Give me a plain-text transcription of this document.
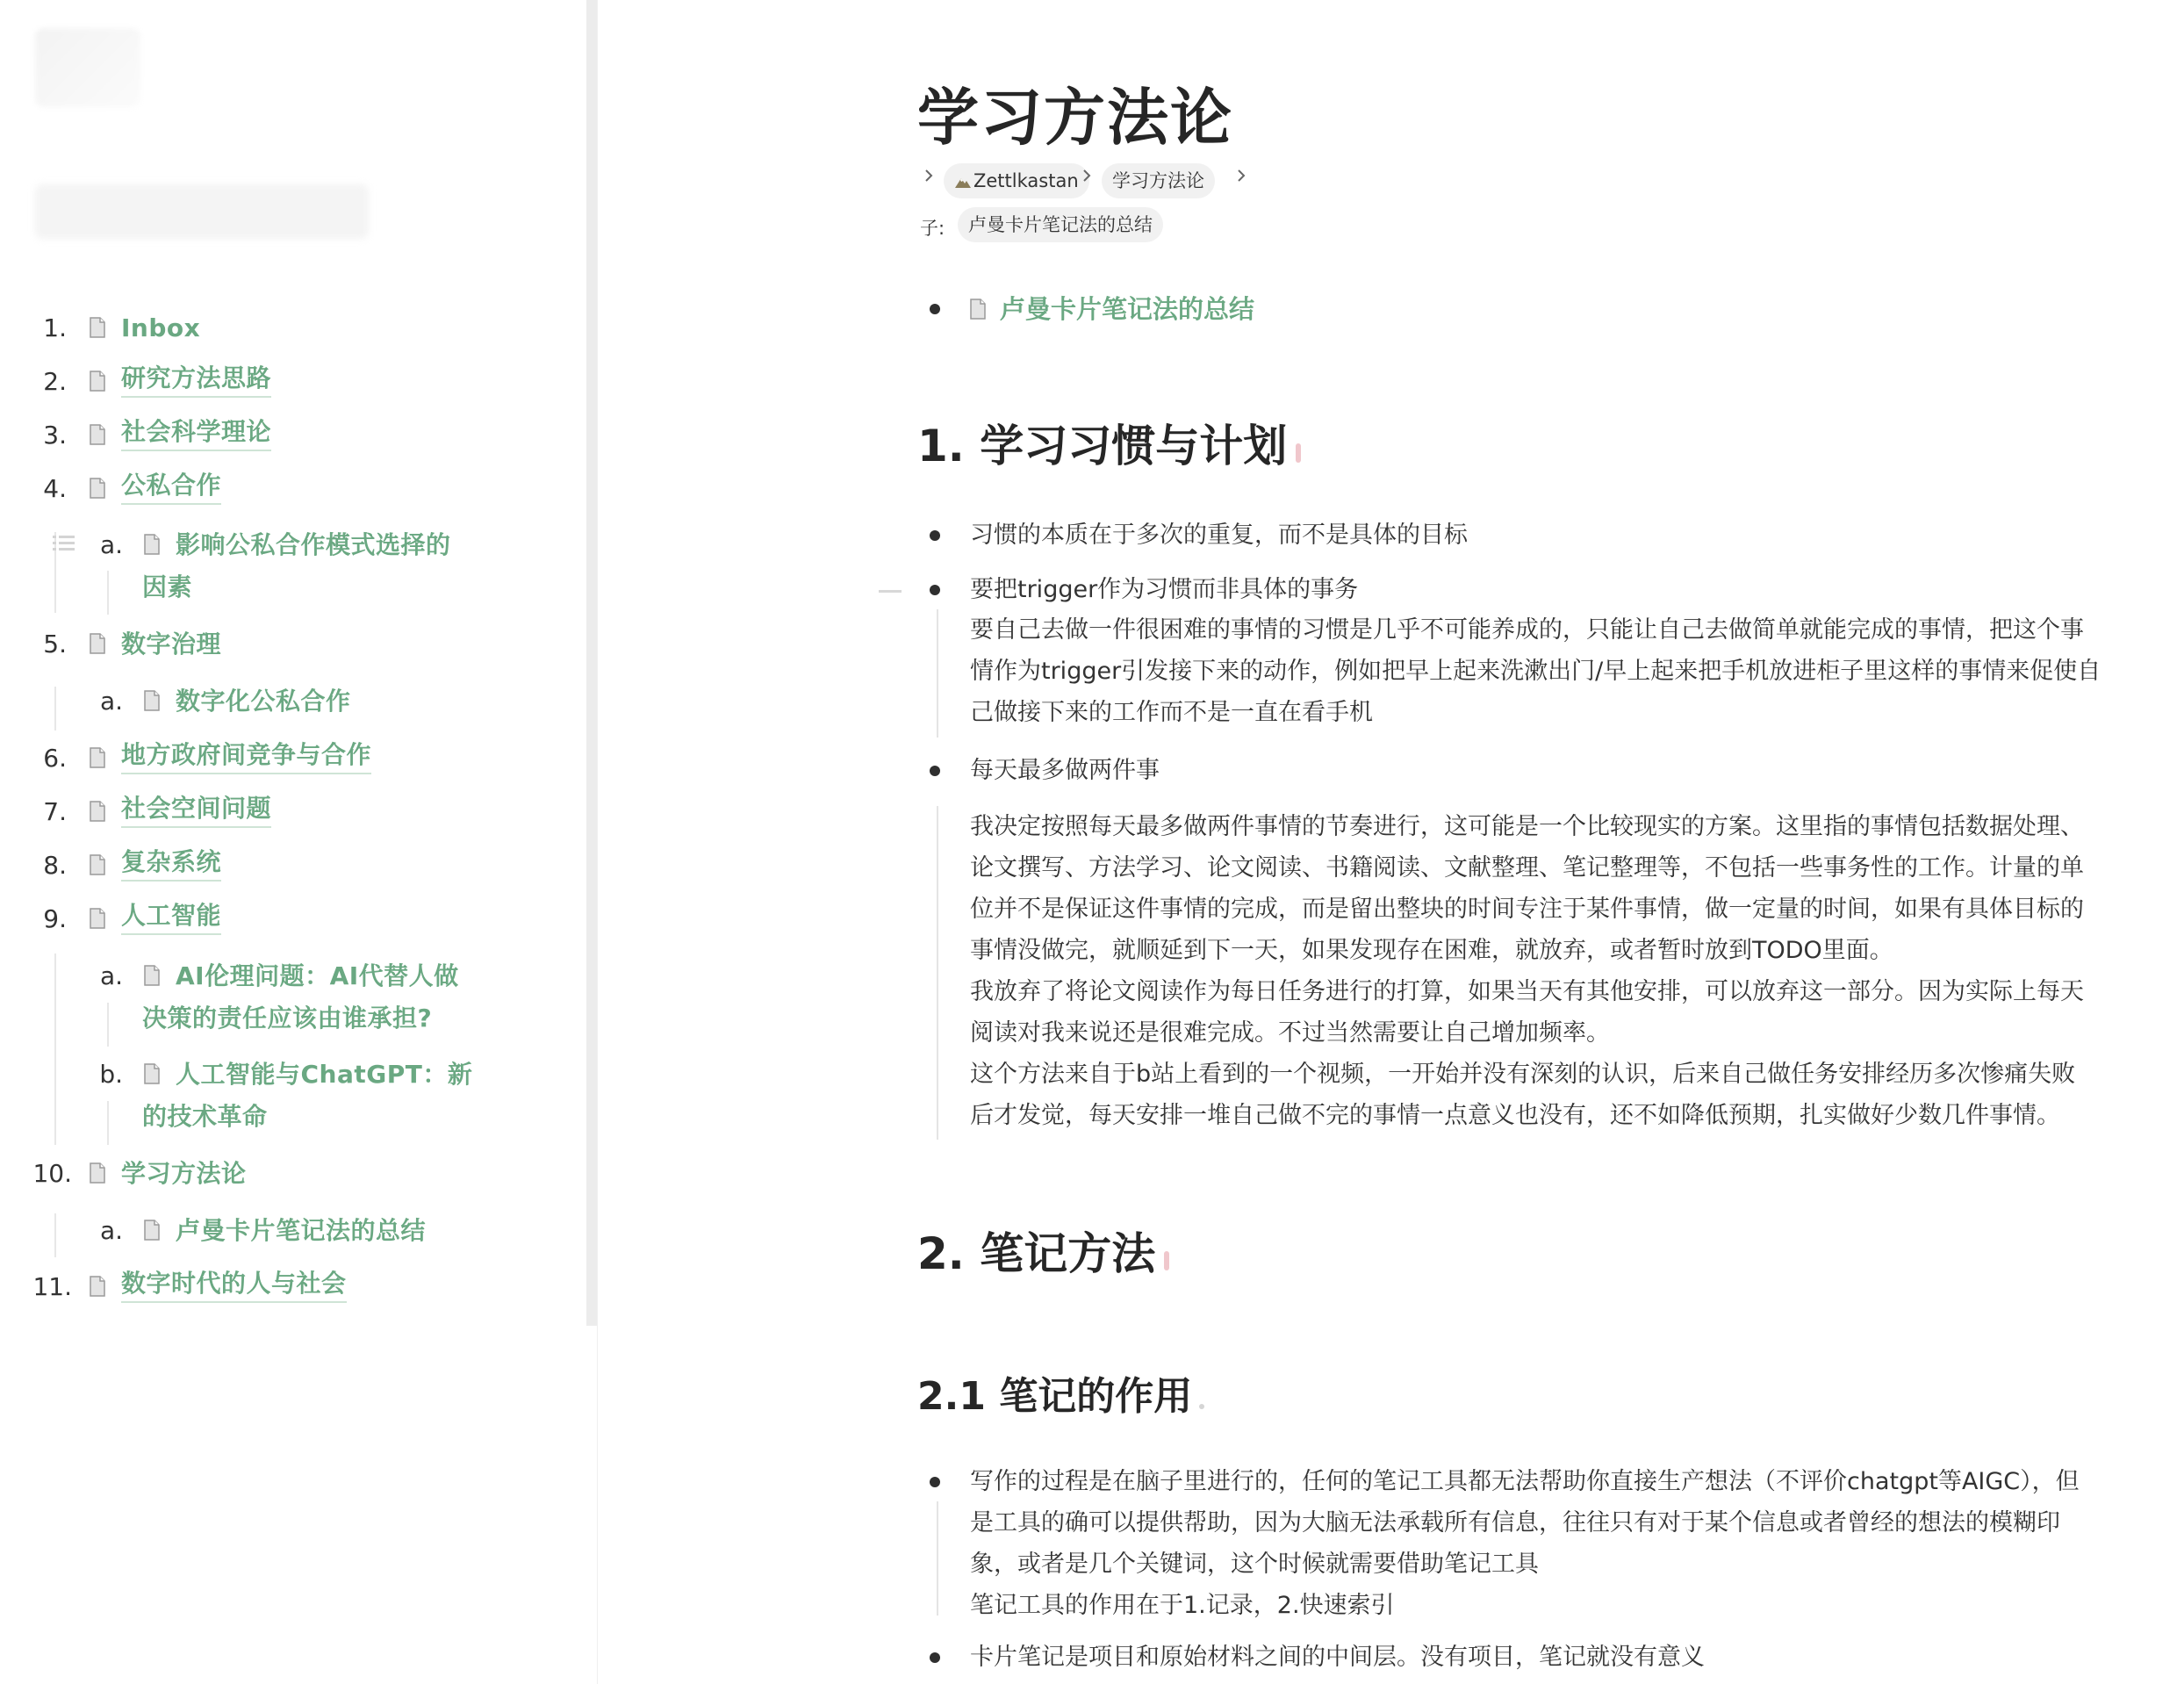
1. Inbox
2. 研究方法思路
3. 社会科学理论
4. 公私合作
a. 影响公私合作模式选择的
因素
5. 数字治理
a. 数字化公私合作
6. 地方政府间竞争与合作
7. 社会空间问题
8. 复杂系统
9. 人工智能
a. AI伦理问题：AI代替人做
决策的责任应该由谁承担?
b. 人工智能与ChatGPT：新
的技术革命
10. 学习方法论
a. 卢曼卡片笔记法的总结
11. 数字时代的人与社会
学习方法论
Zettlkastan	学习方法论
子:	卢曼卡片笔记法的总结
卢曼卡片笔记法的总结
1. 学习习惯与计划
习惯的本质在于多次的重复，而不是具体的目标
要把trigger作为习惯而非具体的事务
要自己去做一件很困难的事情的习惯是几乎不可能养成的，只能让自己去做简单就能完成的事情，把这个事
情作为trigger引发接下来的动作，例如把早上起来洗漱出门/早上起来把手机放进柜子里这样的事情来促使自
己做接下来的工作而不是一直在看手机
每天最多做两件事
我决定按照每天最多做两件事情的节奏进行，这可能是一个比较现实的方案。这里指的事情包括数据处理、
论文撰写、方法学习、论文阅读、书籍阅读、文献整理、笔记整理等，不包括一些事务性的工作。计量的单
位并不是保证这件事情的完成，而是留出整块的时间专注于某件事情，做一定量的时间，如果有具体目标的
事情没做完，就顺延到下一天，如果发现存在困难，就放弃，或者暂时放到TODO里面。
我放弃了将论文阅读作为每日任务进行的打算，如果当天有其他安排，可以放弃这一部分。因为实际上每天
阅读对我来说还是很难完成。不过当然需要让自己增加频率。
这个方法来自于b站上看到的一个视频，一开始并没有深刻的认识，后来自己做任务安排经历多次惨痛失败
后才发觉，每天安排一堆自己做不完的事情一点意义也没有，还不如降低预期，扎实做好少数几件事情。
2. 笔记方法
2.1 笔记的作用
写作的过程是在脑子里进行的，任何的笔记工具都无法帮助你直接生产想法（不评价chatgpt等AIGC），但
是工具的确可以提供帮助，因为大脑无法承载所有信息，往往只有对于某个信息或者曾经的想法的模糊印
象，或者是几个关键词，这个时候就需要借助笔记工具
笔记工具的作用在于1.记录，2.快速索引
卡片笔记是项目和原始材料之间的中间层。没有项目，笔记就没有意义
